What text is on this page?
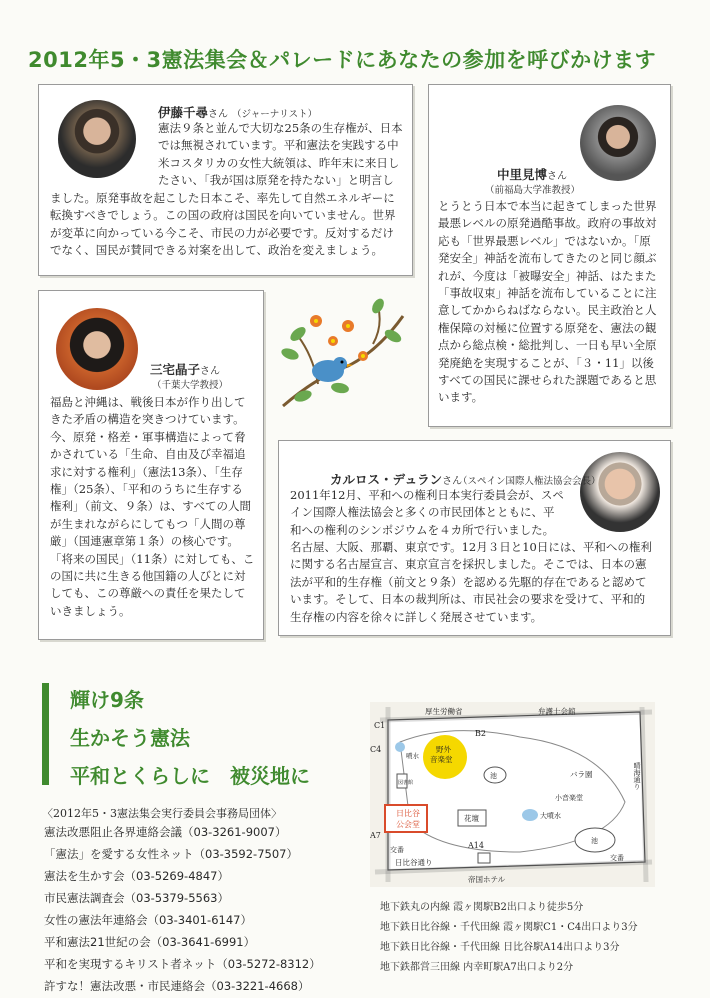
2012年5・3憲法集会＆パレードにあなたの参加を呼びかけます
伊藤千尋さん （ジャーナリスト）
憲法９条と並んで大切な25条の生存権が、日本
では無視されています。平和憲法を実践する中
米コスタリカの女性大統領は、昨年末に来日し
たさい、「我が国は原発を持たない」と明言し
ました。原発事故を起こした日本こそ、率先して自然エネルギーに
転換すべきでしょう。この国の政府は国民を向いていません。世界
が変革に向かっている今こそ、市民の力が必要です。反対するだけ
でなく、国民が賛同できる対案を出して、政治を変えましょう。
中里見博さん
（前福島大学准教授）
とうとう日本で本当に起きてしまった世界
最悪レベルの原発過酷事故。政府の事故対
応も「世界最悪レベル」ではないか。「原
発安全」神話を流布してきたのと同じ顔ぶ
れが、今度は「被曝安全」神話、はたまた
「事故収束」神話を流布していることに注
意してかからねばならない。民主政治と人
権保障の対極に位置する原発を、憲法の観
点から総点検・総批判し、一日も早い全原
発廃絶を実現することが、「３・11」以後
すべての国民に課せられた課題であると思
います。
三宅晶子さん
（千葉大学教授）
福島と沖縄は、戦後日本が作り出して
きた矛盾の構造を突きつけています。
今、原発・格差・軍事構造によって脅
かされている「生命、自由及び幸福追
求に対する権利」（憲法13条）、「生存
権」（25条）、「平和のうちに生存する
権利」（前文、９条）は、すべての人間
が生まれながらにしてもつ「人間の尊
厳」（国連憲章第１条）の核心です。
「将来の国民」（11条）に対しても、こ
の国に共に生きる他国籍の人びとに対
しても、この尊厳への責任を果たして
いきましょう。
カルロス・デュランさん
（スペイン国際人権法協会会長）
2011年12月、平和への権利日本実行委員会が、スペ
イン国際人権法協会と多くの市民団体とともに、平
和への権利のシンポジウムを４カ所で行いました。
名古屋、大阪、那覇、東京です。12月３日と10日には、平和への権利
に関する名古屋宣言、東京宣言を採択しました。そこでは、日本の憲
法が平和的生存権（前文と９条）を認める先駆的存在であると認めて
います。そして、日本の裁判所は、市民社会の要求を受けて、平和的
生存権の内容を徐々に詳しく発展させています。
輝け9条
生かそう憲法
平和とくらしに　被災地に
〈2012年5・3憲法集会実行委員会事務局団体〉
憲法改悪阻止各界連絡会議（03-3261-9007）
「憲法」を愛する女性ネット（03-3592-7507）
憲法を生かす会（03-5269-4847）
市民憲法調査会（03-5379-5563）
女性の憲法年連絡会（03-3401-6147）
平和憲法21世紀の会（03-3641-6991）
平和を実現するキリスト者ネット（03-5272-8312）
許すな！憲法改悪・市民連絡会（03-3221-4668）
C1
厚生労働省	弁護士会館
B2
C4
噴水
野外
音楽堂
図書館	晴海通り
池	バラ園
日比谷
公会堂
花壇	大噴水
小音楽堂
池
A7
A14
交番
交番
日比谷通り
帝国ホテル
地下鉄丸の内線 霞ヶ関駅B2出口より徒歩5分
地下鉄日比谷線・千代田線 霞ヶ関駅C1・C4出口より3分
地下鉄日比谷線・千代田線 日比谷駅A14出口より3分
地下鉄都営三田線 内幸町駅A7出口より2分
